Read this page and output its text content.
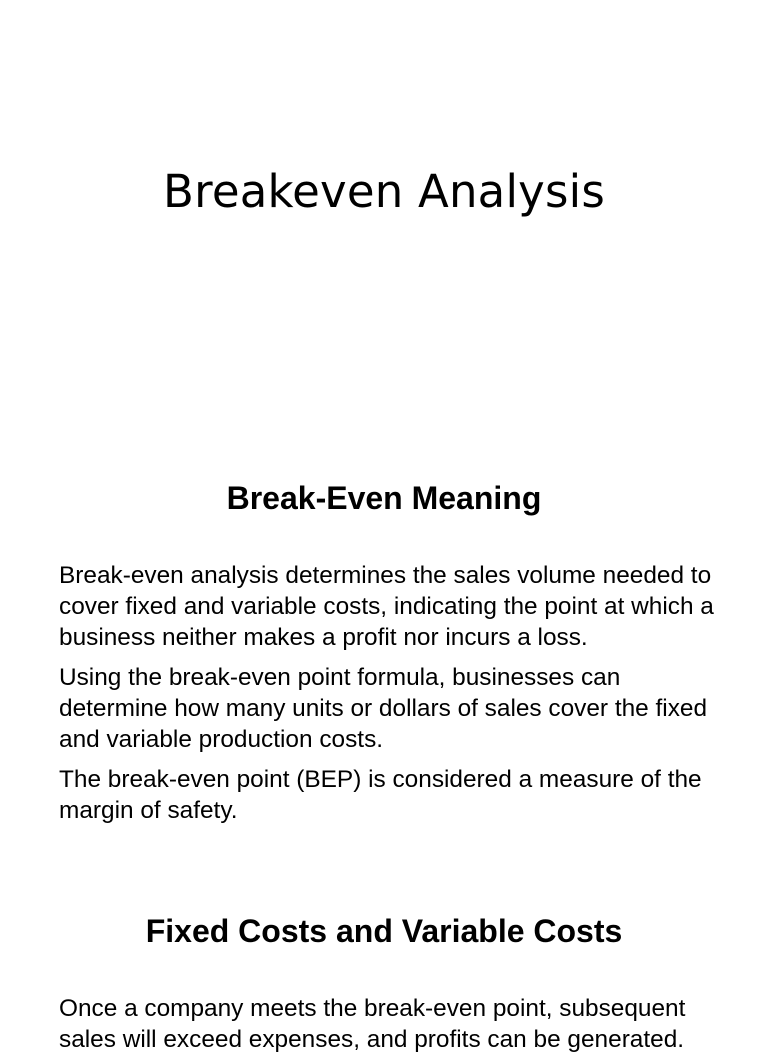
Breakeven Analysis
Break-Even Meaning

Break-even analysis determines the sales volume needed to cover fixed and variable costs, indicating the point at which a business neither makes a profit nor incurs a loss.

Using the break-even point formula, businesses can determine how many units or dollars of sales cover the fixed and variable production costs.

The break-even point (BEP) is considered a measure of the margin of safety.

Fixed Costs and Variable Costs

Once a company meets the break-even point, subsequent sales will exceed expenses, and profits can be generated.
